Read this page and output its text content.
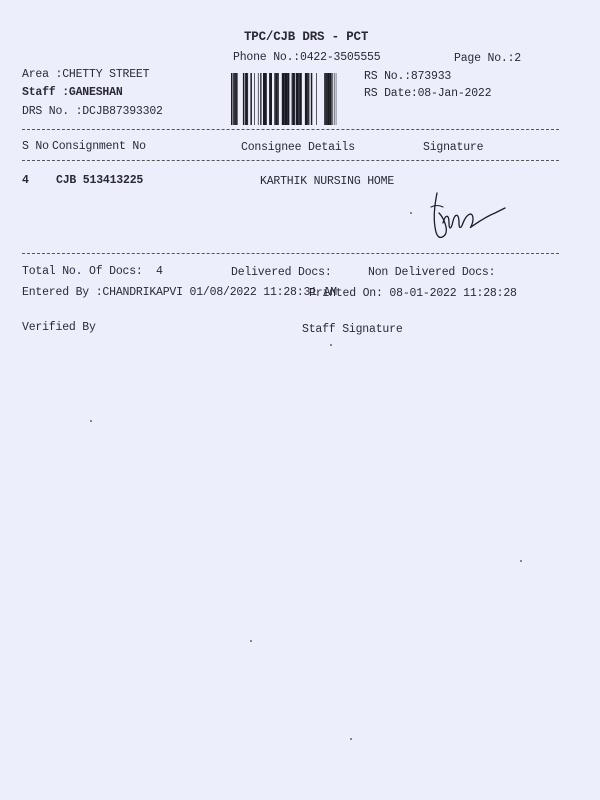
TPC/CJB DRS - PCT
Phone No.:0422-3505555	Page No.:2
Area :CHETTY STREET
Staff :GANESHAN
DRS No. :DCJB87393302
RS No.:873933
RS Date:08-Jan-2022
S No Consignment No	Consignee Details	Signature
4 CJB 513413225	KARTHIK NURSING HOME
Total No. Of Docs:  4	Delivered Docs:	Non Delivered Docs:
Entered By :CHANDRIKAPVI 01/08/2022 11:28:31 AM
Printed On: 08-01-2022 11:28:28
Verified By	Staff Signature
